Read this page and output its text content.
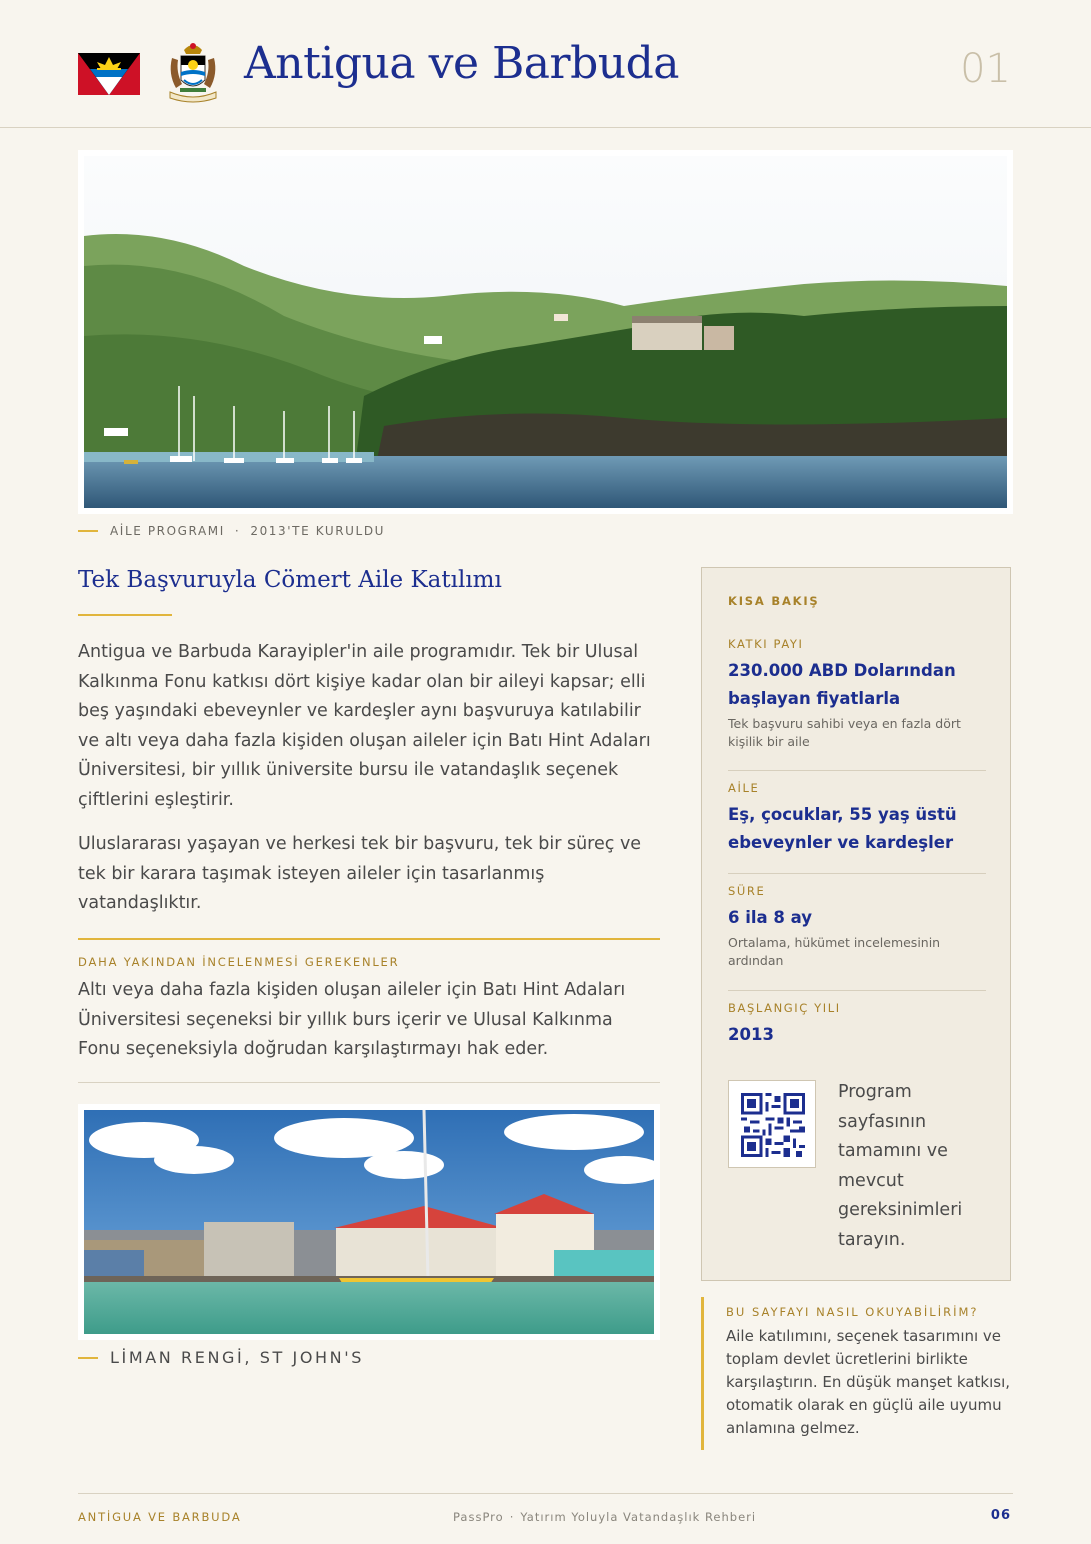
Antigua ve Barbuda	01
AİLE PROGRAMI · 2013'TE KURULDU
Tek Başvuruyla Cömert Aile Katılımı
Antigua ve Barbuda Karayipler'in aile programıdır. Tek bir Ulusal Kalkınma Fonu katkısı dört kişiye kadar olan bir aileyi kapsar; elli beş yaşındaki ebeveynler ve kardeşler aynı başvuruya katılabilir ve altı veya daha fazla kişiden oluşan aileler için Batı Hint Adaları Üniversitesi, bir yıllık üniversite bursu ile vatandaşlık seçenek çiftlerini eşleştirir.
Uluslararası yaşayan ve herkesi tek bir başvuru, tek bir süreç ve tek bir karara taşımak isteyen aileler için tasarlanmış vatandaşlıktır.
DAHA YAKINDAN İNCELENMESİ GEREKENLER
Altı veya daha fazla kişiden oluşan aileler için Batı Hint Adaları Üniversitesi seçeneksi bir yıllık burs içerir ve Ulusal Kalkınma Fonu seçeneksiyla doğrudan karşılaştırmayı hak eder.
LİMAN RENGİ, ST JOHN'S
KISA BAKIŞ
KATKI PAYI
230.000 ABD Dolarından başlayan fiyatlarla
Tek başvuru sahibi veya en fazla dört kişilik bir aile
AİLE
Eş, çocuklar, 55 yaş üstü ebeveynler ve kardeşler
SÜRE
6 ila 8 ay
Ortalama, hükümet incelemesinin ardından
BAŞLANGIÇ YILI
2013
Program sayfasının tamamını ve mevcut gereksinimleri tarayın.
BU SAYFAYI NASIL OKUYABİLİRİM?
Aile katılımını, seçenek tasarımını ve toplam devlet ücretlerini birlikte karşılaştırın. En düşük manşet katkısı, otomatik olarak en güçlü aile uyumu anlamına gelmez.
ANTİGUA VE BARBUDA	PassPro · Yatırım Yoluyla Vatandaşlık Rehberi	06
